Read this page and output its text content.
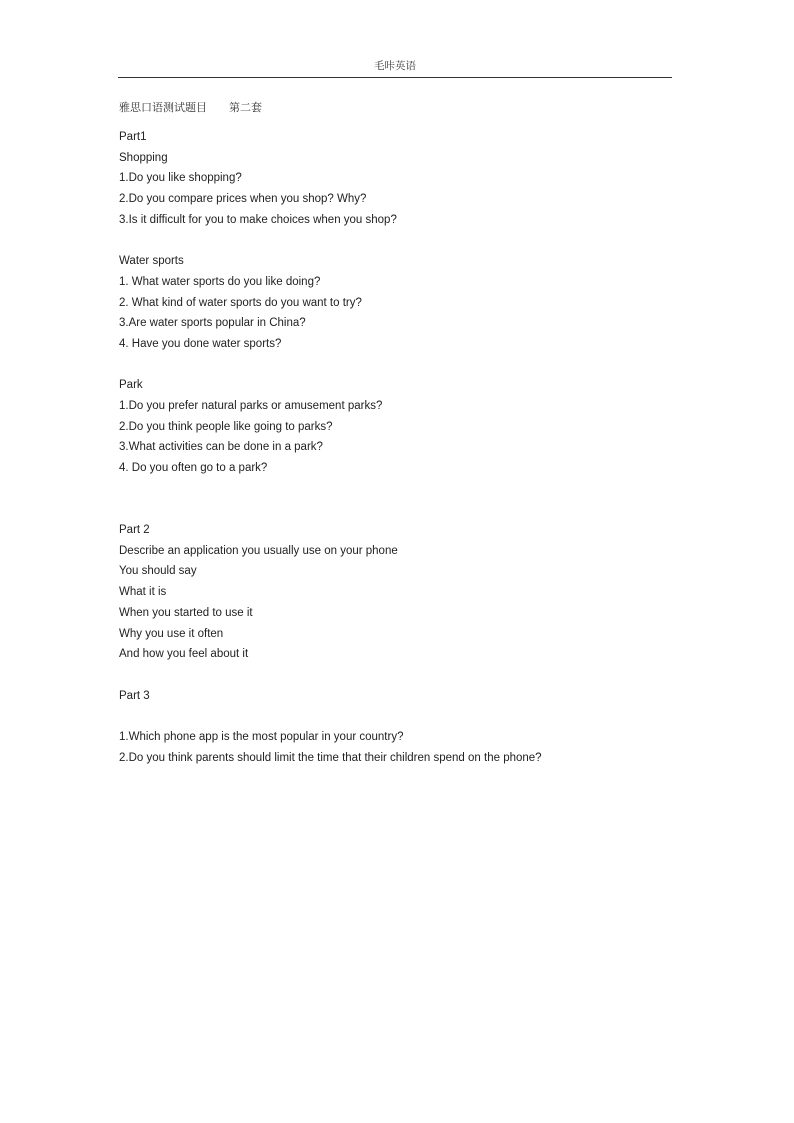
毛咔英语
雅思口语测试题目 第二套
Part1
Shopping
1.Do you like shopping?
2.Do you compare prices when you shop? Why?
3.Is it difficult for you to make choices when you shop?
Water sports
1. What water sports do you like doing?
2. What kind of water sports do you want to try?
3.Are water sports popular in China?
4. Have you done water sports?
Park
1.Do you prefer natural parks or amusement parks?
2.Do you think people like going to parks?
3.What activities can be done in a park?
4. Do you often go to a park?
Part 2
Describe an application you usually use on your phone
You should say
What it is
When you started to use it
Why you use it often
And how you feel about it
Part 3
1.Which phone app is the most popular in your country?
2.Do you think parents should limit the time that their children spend on the phone?
